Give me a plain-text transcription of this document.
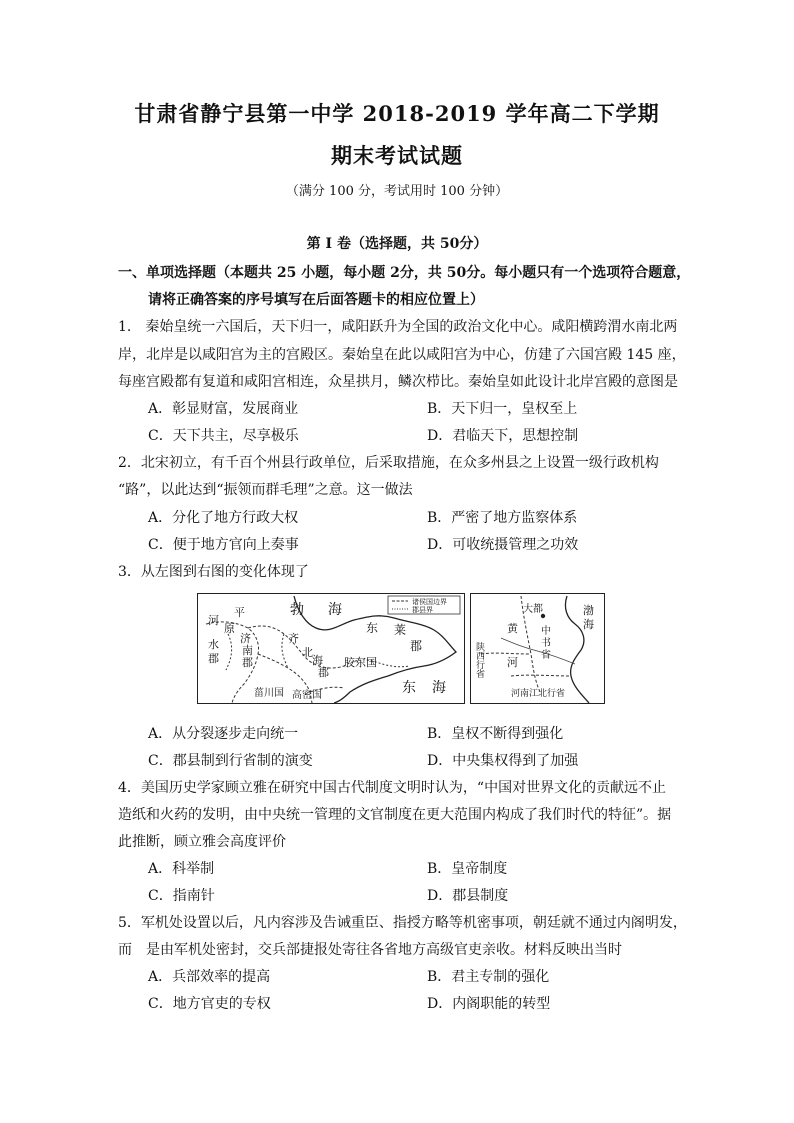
甘肃省静宁县第一中学 2018-2019 学年高二下学期
期末考试试题
（满分 100 分，考试用时 100 分钟）
第 Ⅰ 卷（选择题，共 50分）
一、单项选择题（本题共 25 小题，每小题 2分，共 50分。每小题只有一个选项符合题意，
请将正确答案的序号填写在后面答题卡的相应位置上）
1.　秦始皇统一六国后，天下归一，咸阳跃升为全国的政治文化中心。咸阳横跨渭水南北两
岸，北岸是以咸阳宫为主的宫殿区。秦始皇在此以咸阳宫为中心，仿建了六国宫殿 145 座，
每座宫殿都有复道和咸阳宫相连，众星拱月，鳞次栉比。秦始皇如此设计北岸宫殿的意图是
A．彰显财富，发展商业	B．天下归一，皇权至上
C．天下共主，尽享极乐	D．君临天下，思想控制
2．北宋初立，有千百个州县行政单位，后采取措施，在众多州县之上设置一级行政机构
“路”，以此达到“振领而群毛理”之意。这一做法
A．分化了地方行政大权	B．严密了地方监察体系
C．便于地方官向上奏事	D．可收统摄管理之功效
3．从左图到右图的变化体现了
诸侯国边界
郡县界
勃 海
平
河
原
水
郡
济
南
郡
北
齐
海
郡
东 莱
郡
胶东国
菑川国 高密国	东 海
大都	渤
海
黄
河
中
书
省
陕西行省
河南江北行省
A．从分裂逐步走向统一	B．皇权不断得到强化
C．郡县制到行省制的演变	D．中央集权得到了加强
4．美国历史学家顾立雅在研究中国古代制度文明时认为，“中国对世界文化的贡献远不止
造纸和火药的发明，由中央统一管理的文官制度在更大范围内构成了我们时代的特征”。据
此推断，顾立雅会高度评价
A．科举制	B．皇帝制度
C．指南针	D．郡县制度
5．军机处设置以后，凡内容涉及告诫重臣、指授方略等机密事项，朝廷就不通过内阁明发，
而　是由军机处密封，交兵部捷报处寄往各省地方高级官吏亲收。材料反映出当时
A．兵部效率的提高	B．君主专制的强化
C．地方官吏的专权	D．内阁职能的转型
